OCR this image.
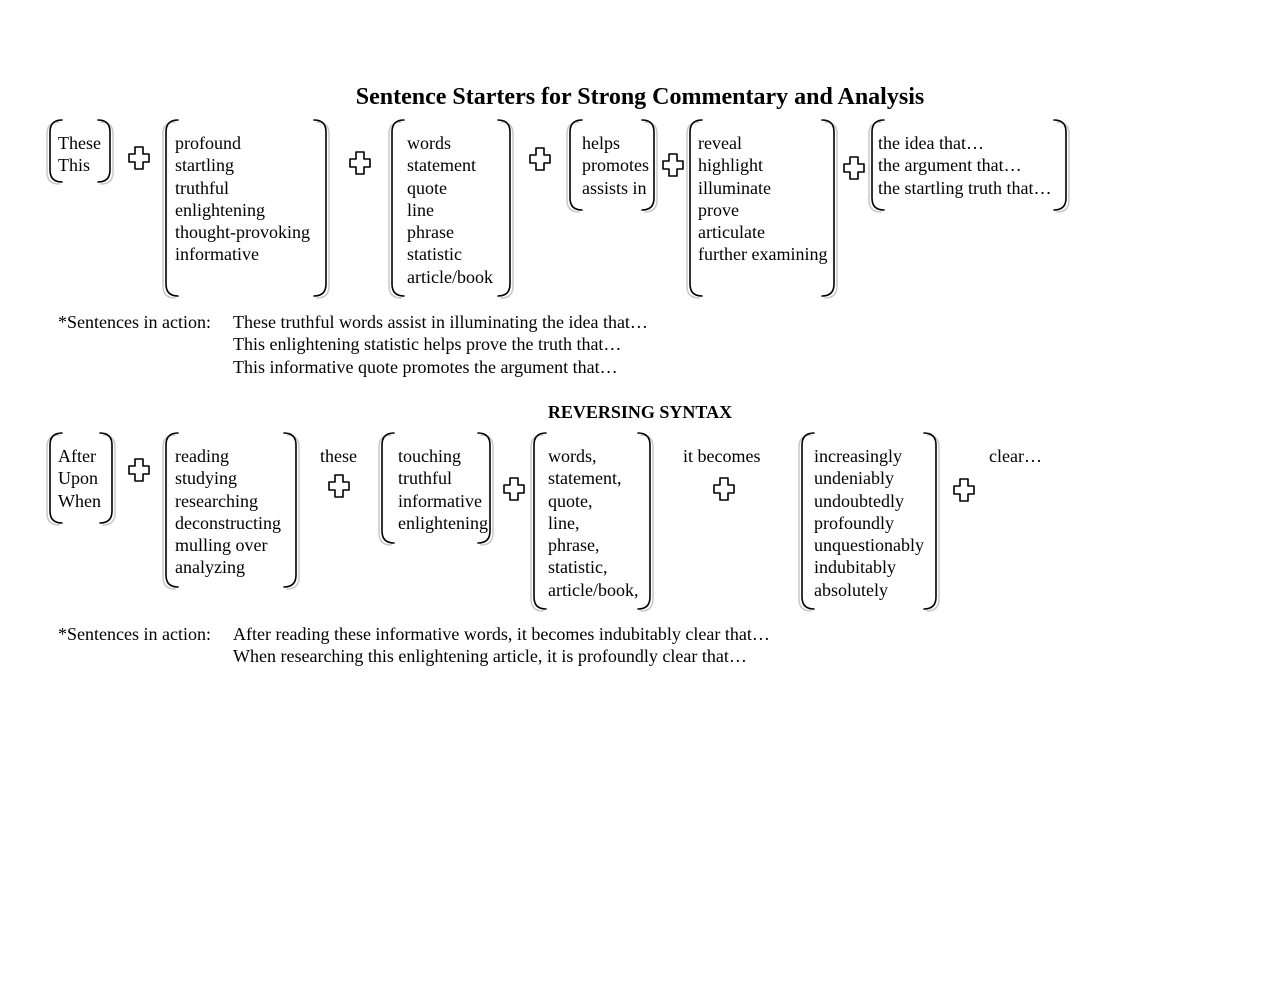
Sentence Starters for Strong Commentary and Analysis
These
This
profound
startling
truthful
enlightening
thought-provoking
informative
words
statement
quote
line
phrase
statistic
article/book
helps
promotes
assists in
reveal
highlight
illuminate
prove
articulate
further examining
the idea that…
the argument that…
the startling truth that…
*Sentences in action: These truthful words assist in illuminating the idea that…
This enlightening statistic helps prove the truth that…
This informative quote promotes the argument that…
REVERSING SYNTAX
After
Upon
When
reading
studying
researching
deconstructing
mulling over
analyzing
these touching
truthful
informative
enlightening
words,
statement,
quote,
line,
phrase,
statistic,
article/book,
it becomes	increasingly
undeniably
undoubtedly
profoundly
unquestionably
indubitably
absolutely
clear…
*Sentences in action: After reading these informative words, it becomes indubitably clear that…
When researching this enlightening article, it is profoundly clear that…
